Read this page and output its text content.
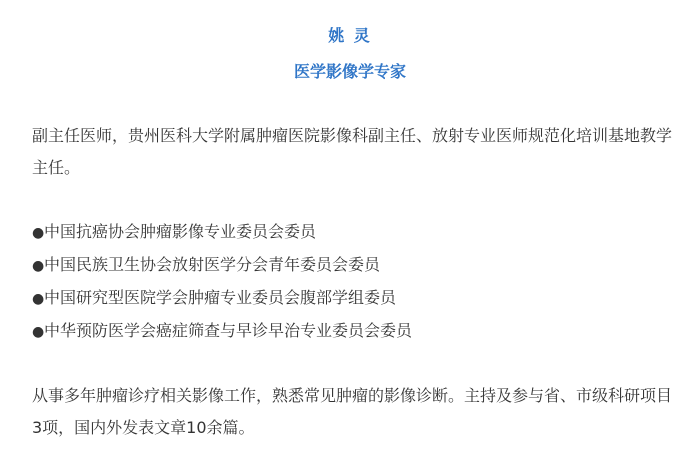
姚 灵
医学影像学专家

副主任医师，贵州医科大学附属肿瘤医院影像科副主任、放射专业医师规范化培训基地教学主任。

●中国抗癌协会肿瘤影像专业委员会委员
●中国民族卫生协会放射医学分会青年委员会委员
●中国研究型医院学会肿瘤专业委员会腹部学组委员
●中华预防医学会癌症筛查与早诊早治专业委员会委员

从事多年肿瘤诊疗相关影像工作，熟悉常见肿瘤的影像诊断。主持及参与省、市级科研项目3项，国内外发表文章10余篇。
